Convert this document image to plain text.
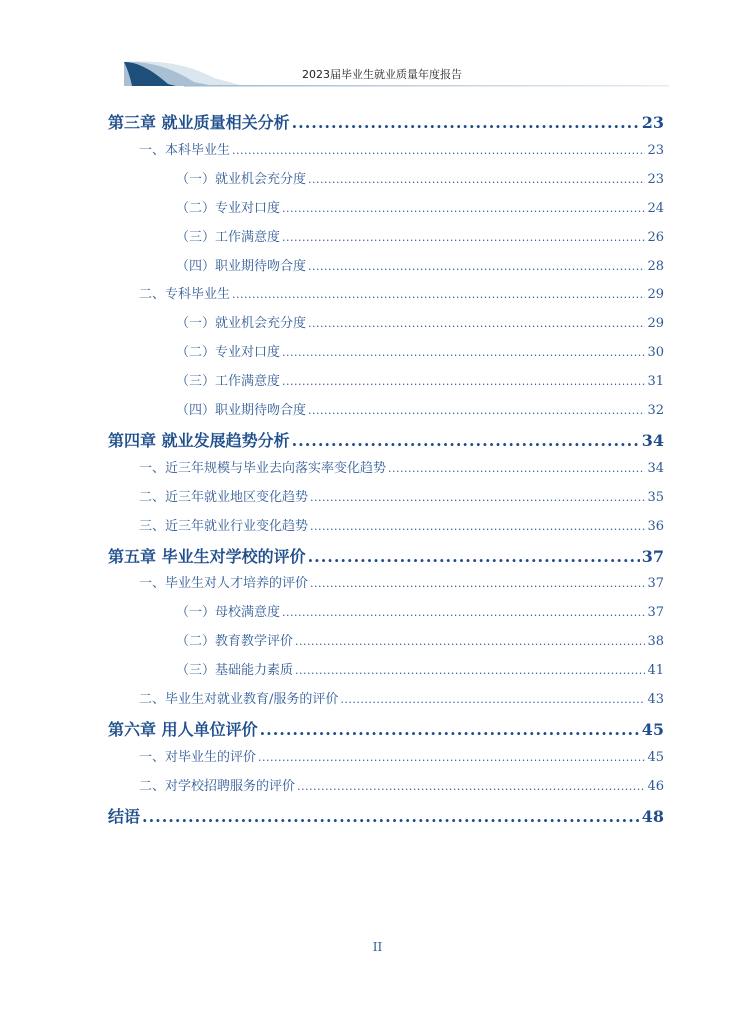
2023届毕业生就业质量年度报告
第三章 就业质量相关分析 .....	23
一、本科毕业生 .....	23
（一）就业机会充分度 .....	23
（二）专业对口度 .....	24
（三）工作满意度 .....	26
（四）职业期待吻合度 .....	28
二、专科毕业生 .....	29
（一）就业机会充分度 .....	29
（二）专业对口度 .....	30
（三）工作满意度 .....	31
（四）职业期待吻合度 .....	32
第四章 就业发展趋势分析 .....	34
一、近三年规模与毕业去向落实率变化趋势 .....	34
二、近三年就业地区变化趋势 .....	35
三、近三年就业行业变化趋势 .....	36
第五章 毕业生对学校的评价 .....	37
一、毕业生对人才培养的评价 .....	37
（一）母校满意度 .....	37
（二）教育教学评价 .....	38
（三）基础能力素质 .....	41
二、毕业生对就业教育/服务的评价 .....	43
第六章 用人单位评价 .....	45
一、对毕业生的评价 .....	45
二、对学校招聘服务的评价 .....	46
结语 .....	48
II
